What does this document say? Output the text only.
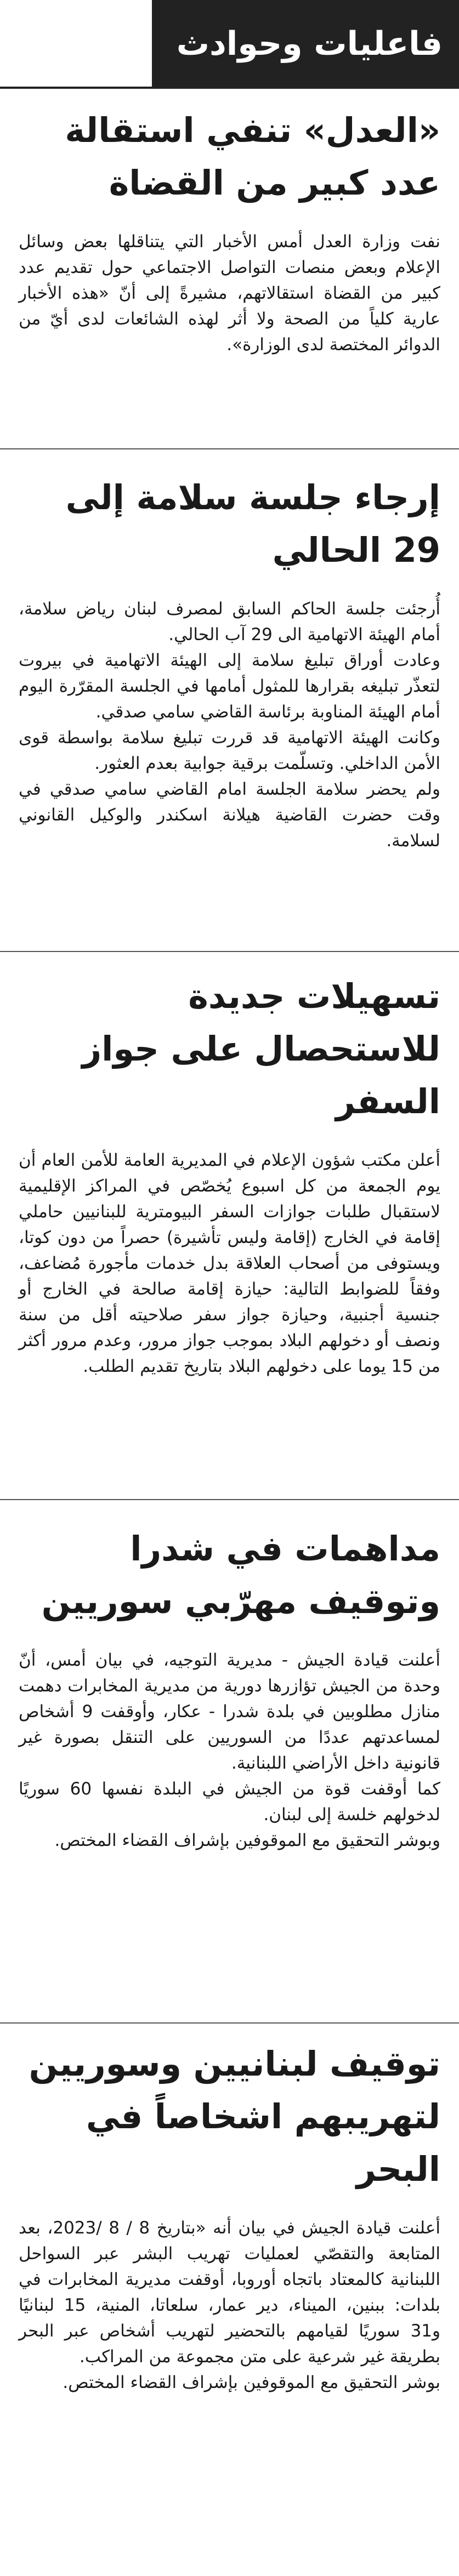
فاعليات وحوادث
«العدل» تنفي استقالة عدد كبير من القضاة

نفت وزارة العدل أمس الأخبار التي يتناقلها بعض وسائل الإعلام وبعض منصات التواصل الاجتماعي حول تقديم عدد كبير من القضاة استقالاتهم، مشيرةً إلى أنّ «هذه الأخبار عارية كلياً من الصحة ولا أثر لهذه الشائعات لدى أيّ من الدوائر المختصة لدى الوزارة».

إرجاء جلسة سلامة إلى 29 الحالي

أُرجئت جلسة الحاكم السابق لمصرف لبنان رياض سلامة، أمام الهيئة الاتهامية الى 29 آب الحالي.
وعادت أوراق تبليغ سلامة إلى الهيئة الاتهامية في بيروت لتعذّر تبليغه بقرارها للمثول أمامها في الجلسة المقرّرة اليوم أمام الهيئة المناوبة برئاسة القاضي سامي صدقي.
وكانت الهيئة الاتهامية قد قررت تبليغ سلامة بواسطة قوى الأمن الداخلي. وتسلّمت برقية جوابية بعدم العثور.
ولم يحضر سلامة الجلسة امام القاضي سامي صدقي في وقت حضرت القاضية هيلانة اسكندر والوكيل القانوني لسلامة.

تسهيلات جديدة للاستحصال على جواز السفر

أعلن مكتب شؤون الإعلام في المديرية العامة للأمن العام أن يوم الجمعة من كل اسبوع يُخصّص في المراكز الإقليمية لاستقبال طلبات جوازات السفر البيومترية للبنانيين حاملي إقامة في الخارج (إقامة وليس تأشيرة) حصراً من دون كوتا، ويستوفى من أصحاب العلاقة بدل خدمات مأجورة مُضاعف، وفقاً للضوابط التالية: حيازة إقامة صالحة في الخارج أو جنسية أجنبية، وحيازة جواز سفر صلاحيته أقل من سنة ونصف أو دخولهم البلاد بموجب جواز مرور، وعدم مرور أكثر من 15 يوما على دخولهم البلاد بتاريخ تقديم الطلب.

مداهمات في شدرا وتوقيف مهرّبي سوريين

أعلنت قيادة الجيش - مديرية التوجيه، في بيان أمس، أنّ وحدة من الجيش تؤازرها دورية من مديرية المخابرات دهمت منازل مطلوبين في بلدة شدرا - عكار، وأوقفت 9 أشخاص لمساعدتهم عددًا من السوريين على التنقل بصورة غير قانونية داخل الأراضي اللبنانية.
كما أوقفت قوة من الجيش في البلدة نفسها 60 سوريًا لدخولهم خلسة إلى لبنان.
وبوشر التحقيق مع الموقوفين بإشراف القضاء المختص.

توقيف لبنانيين وسوريين لتهريبهم اشخاصاً في البحر

أعلنت قيادة الجيش في بيان أنه «بتاريخ 8 / 8 /2023، بعد المتابعة والتقصّي لعمليات تهريب البشر عبر السواحل اللبنانية كالمعتاد باتجاه أوروبا، أوقفت مديرية المخابرات في بلدات: ببنين، الميناء، دير عمار، سلعاتا، المنية، 15 لبنانيًا و31 سوريًا لقيامهم بالتحضير لتهريب أشخاص عبر البحر بطريقة غير شرعية على متن مجموعة من المراكب.
بوشر التحقيق مع الموقوفين بإشراف القضاء المختص.
